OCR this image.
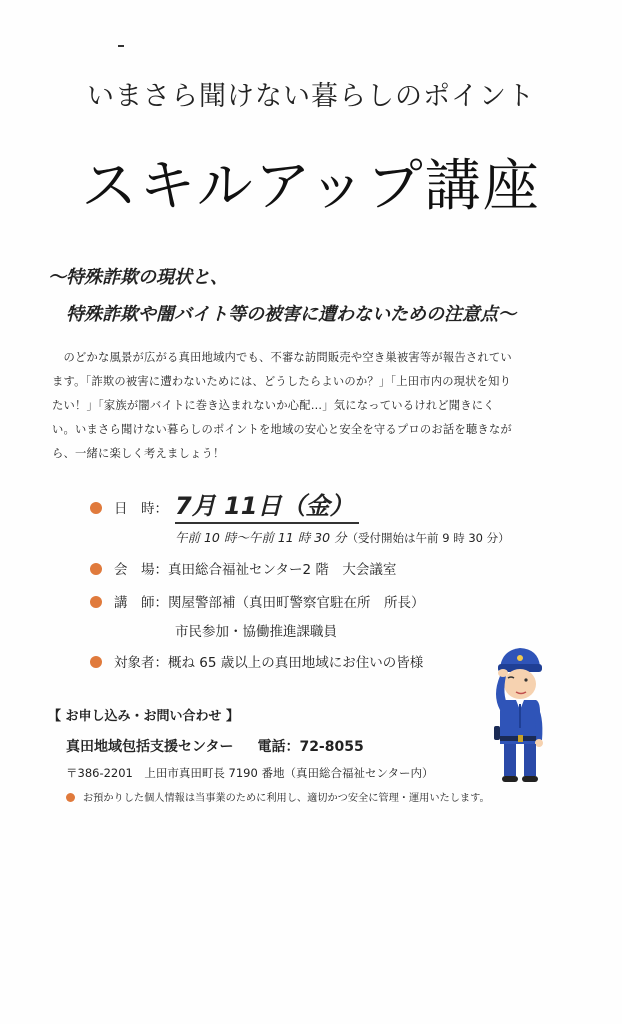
いまさら聞けない暮らしのポイント
スキルアップ講座
〜特殊詐欺の現状と、
特殊詐欺や闇バイト等の被害に遭わないための注意点〜
　のどかな風景が広がる真田地域内でも、不審な訪問販売や空き巣被害等が報告されてい
ます。「詐欺の被害に遭わないためには、どうしたらよいのか？」「上田市内の現状を知り
たい！」「家族が闇バイトに巻き込まれないか心配…」気になっているけれど聞きにく
い。いまさら聞けない暮らしのポイントを地域の安心と安全を守るプロのお話を聴きなが
ら、一緒に楽しく考えましょう！
日　時： 7月 11日（金）
午前 10 時〜午前 11 時 30 分（受付開始は午前 9 時 30 分）
会　場：真田総合福祉センター2 階　大会議室
講　師：関屋警部補（真田町警察官駐在所　所長）
市民参加・協働推進課職員
対象者：概ね 65 歳以上の真田地域にお住いの皆様
【 お申し込み・お問い合わせ 】
真田地域包括支援センター 電話：72-8055
〒386-2201　上田市真田町長 7190 番地（真田総合福祉センター内）
お預かりした個人情報は当事業のために利用し、適切かつ安全に管理・運用いたします。
